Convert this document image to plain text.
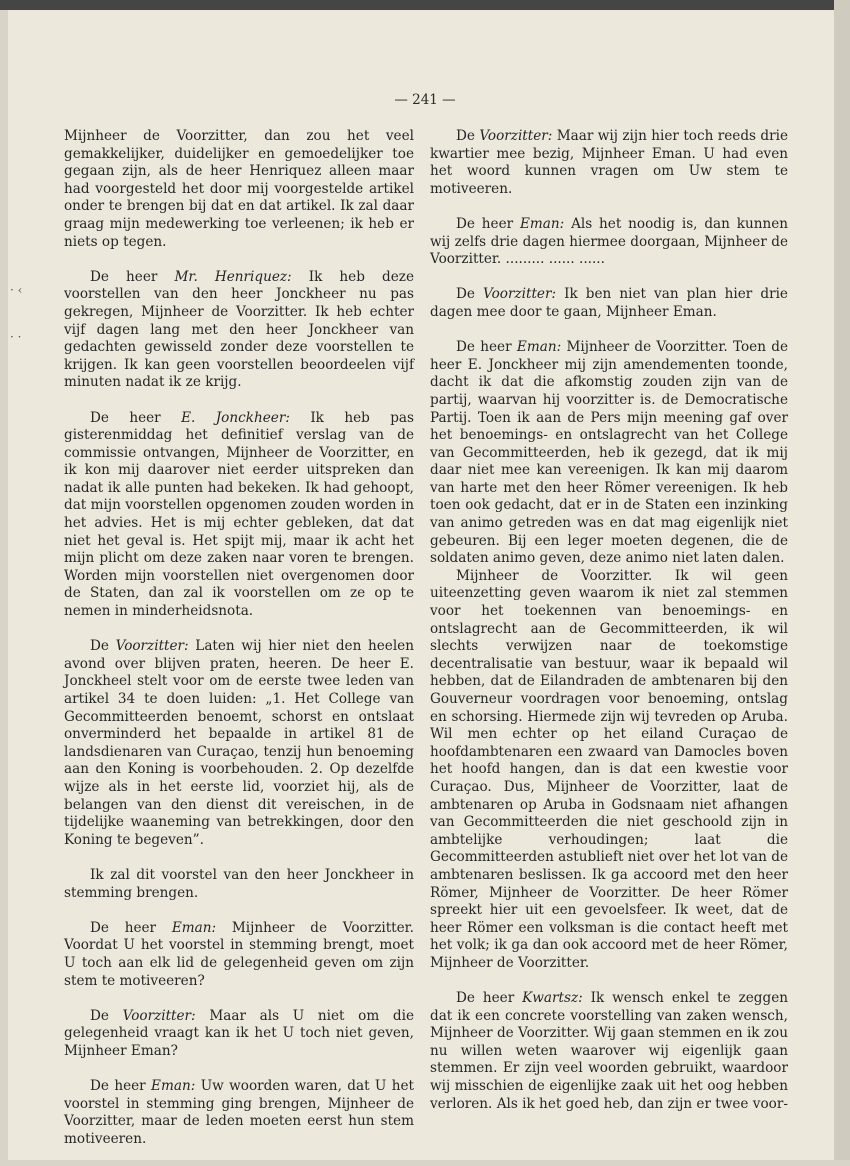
· ‹
· ·
— 241 —

Mijnheer de Voorzitter, dan zou het veel gemakkelijker, duidelijker en gemoedelijker toe gegaan zijn, als de heer Henriquez alleen maar had voorgesteld het door mij voorgestelde artikel onder te brengen bij dat en dat artikel. Ik zal daar graag mijn medewerking toe verleenen; ik heb er niets op tegen.

De heer Mr. Henriquez: Ik heb deze voorstellen van den heer Jonckheer nu pas gekregen, Mijnheer de Voorzitter. Ik heb echter vijf dagen lang met den heer Jonckheer van gedachten gewisseld zonder deze voorstellen te krijgen. Ik kan geen voorstellen beoordeelen vijf minuten nadat ik ze krijg.

De heer E. Jonckheer: Ik heb pas gisterenmiddag het definitief verslag van de commissie ontvangen, Mijnheer de Voorzitter, en ik kon mij daarover niet eerder uitspreken dan nadat ik alle punten had bekeken. Ik had gehoopt, dat mijn voorstellen opgenomen zouden worden in het advies. Het is mij echter gebleken, dat dat niet het geval is. Het spijt mij, maar ik acht het mijn plicht om deze zaken naar voren te brengen. Worden mijn voorstellen niet overgenomen door de Staten, dan zal ik voorstellen om ze op te nemen in minderheidsnota.

De Voorzitter: Laten wij hier niet den heelen avond over blijven praten, heeren. De heer E. Jonckheel stelt voor om de eerste twee leden van artikel 34 te doen luiden: „1. Het College van Gecommitteerden benoemt, schorst en ontslaat onverminderd het bepaalde in artikel 81 de landsdienaren van Curaçao, tenzij hun benoeming aan den Koning is voorbehouden. 2. Op dezelfde wijze als in het eerste lid, voorziet hij, als de belangen van den dienst dit vereischen, in de tijdelijke waaneming van betrekkingen, door den Koning te begeven”.

Ik zal dit voorstel van den heer Jonckheer in stemming brengen.

De heer Eman: Mijnheer de Voorzitter. Voordat U het voorstel in stemming brengt, moet U toch aan elk lid de gelegenheid geven om zijn stem te motiveeren?

De Voorzitter: Maar als U niet om die gelegenheid vraagt kan ik het U toch niet geven, Mijnheer Eman?

De heer Eman: Uw woorden waren, dat U het voorstel in stemming ging brengen, Mijnheer de Voorzitter, maar de leden moeten eerst hun stem motiveeren.

De Voorzitter: Maar wij zijn hier toch reeds drie kwartier mee bezig, Mijnheer Eman. U had even het woord kunnen vragen om Uw stem te motiveeren.

De heer Eman: Als het noodig is, dan kunnen wij zelfs drie dagen hiermee doorgaan, Mijnheer de Voorzitter. ......... ...... ......

De Voorzitter: Ik ben niet van plan hier drie dagen mee door te gaan, Mijnheer Eman.

De heer Eman: Mijnheer de Voorzitter. Toen de heer E. Jonckheer mij zijn amendementen toonde, dacht ik dat die afkomstig zouden zijn van de partij, waarvan hij voorzitter is. de Democratische Partij. Toen ik aan de Pers mijn meening gaf over het benoemings- en ontslagrecht van het College van Gecommitteerden, heb ik gezegd, dat ik mij daar niet mee kan vereenigen. Ik kan mij daarom van harte met den heer Römer vereenigen. Ik heb toen ook gedacht, dat er in de Staten een inzinking van animo getreden was en dat mag eigenlijk niet gebeuren. Bij een leger moeten degenen, die de soldaten animo geven, deze animo niet laten dalen.

Mijnheer de Voorzitter. Ik wil geen uiteenzetting geven waarom ik niet zal stemmen voor het toekennen van benoemings- en ontslagrecht aan de Gecommitteerden, ik wil slechts verwijzen naar de toekomstige decentralisatie van bestuur, waar ik bepaald wil hebben, dat de Eilandraden de ambtenaren bij den Gouverneur voordragen voor benoeming, ontslag en schorsing. Hiermede zijn wij tevreden op Aruba. Wil men echter op het eiland Curaçao de hoofdambtenaren een zwaard van Damocles boven het hoofd hangen, dan is dat een kwestie voor Curaçao. Dus, Mijnheer de Voorzitter, laat de ambtenaren op Aruba in Godsnaam niet afhangen van Gecommitteerden die niet geschoold zijn in ambtelijke verhoudingen; laat die Gecommitteerden astublieft niet over het lot van de ambtenaren beslissen. Ik ga accoord met den heer Römer, Mijnheer de Voorzitter. De heer Römer spreekt hier uit een gevoelsfeer. Ik weet, dat de heer Römer een volksman is die contact heeft met het volk; ik ga dan ook accoord met de heer Römer, Mijnheer de Voorzitter.

De heer Kwartsz: Ik wensch enkel te zeggen dat ik een concrete voorstelling van zaken wensch, Mijnheer de Voorzitter. Wij gaan stemmen en ik zou nu willen weten waarover wij eigenlijk gaan stemmen. Er zijn veel woorden gebruikt, waardoor wij misschien de eigenlijke zaak uit het oog hebben verloren. Als ik het goed heb, dan zijn er twee voor-
